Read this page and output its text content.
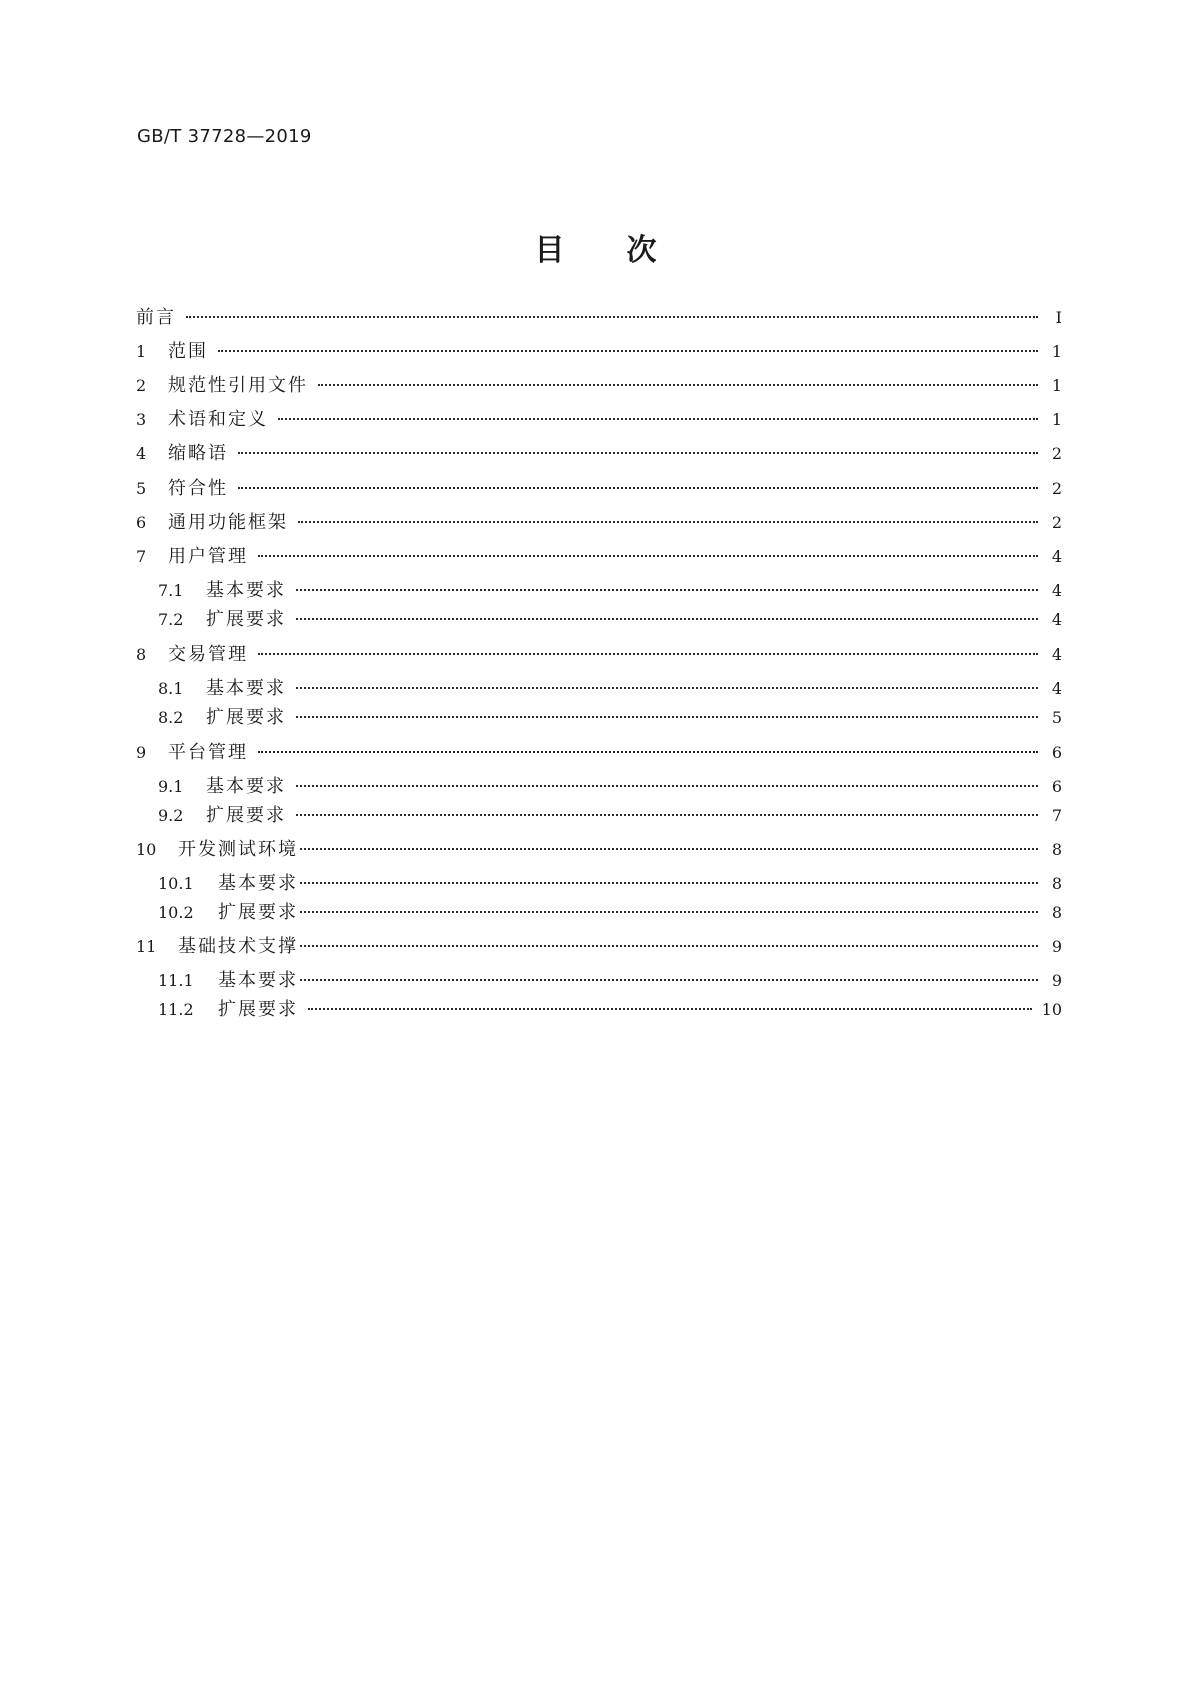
GB/T 37728—2019
目次
前言	Ⅰ
1	范围	1
2	规范性引用文件	1
3	术语和定义	1
4	缩略语	2
5	符合性	2
6	通用功能框架	2
7	用户管理	4
7.1	基本要求	4
7.2	扩展要求	4
8	交易管理	4
8.1	基本要求	4
8.2	扩展要求	5
9	平台管理	6
9.1	基本要求	6
9.2	扩展要求	7
10	开发测试环境	8
10.1	基本要求	8
10.2	扩展要求	8
11	基础技术支撑	9
11.1	基本要求	9
11.2	扩展要求	10
